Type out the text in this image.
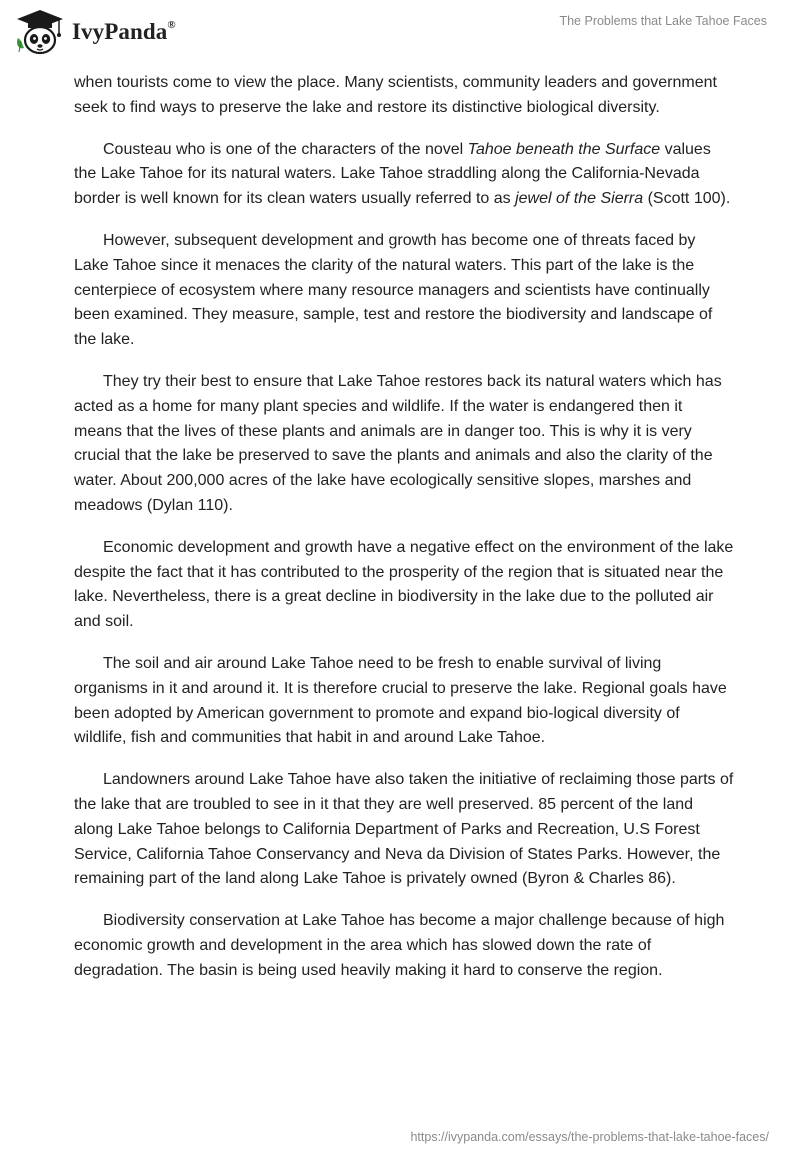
IvyPanda®	The Problems that Lake Tahoe Faces

when tourists come to view the place. Many scientists, community leaders and government seek to find ways to preserve the lake and restore its distinctive biological diversity.

Cousteau who is one of the characters of the novel Tahoe beneath the Surface values the Lake Tahoe for its natural waters. Lake Tahoe straddling along the California-Nevada border is well known for its clean waters usually referred to as jewel of the Sierra (Scott 100).

However, subsequent development and growth has become one of threats faced by Lake Tahoe since it menaces the clarity of the natural waters. This part of the lake is the centerpiece of ecosystem where many resource managers and scientists have continually been examined. They measure, sample, test and restore the biodiversity and landscape of the lake.

They try their best to ensure that Lake Tahoe restores back its natural waters which has acted as a home for many plant species and wildlife. If the water is endangered then it means that the lives of these plants and animals are in danger too. This is why it is very crucial that the lake be preserved to save the plants and animals and also the clarity of the water. About 200,000 acres of the lake have ecologically sensitive slopes, marshes and meadows (Dylan 110).

Economic development and growth have a negative effect on the environment of the lake despite the fact that it has contributed to the prosperity of the region that is situated near the lake. Nevertheless, there is a great decline in biodiversity in the lake due to the polluted air and soil.

The soil and air around Lake Tahoe need to be fresh to enable survival of living organisms in it and around it. It is therefore crucial to preserve the lake. Regional goals have been adopted by American government to promote and expand bio-logical diversity of wildlife, fish and communities that habit in and around Lake Tahoe.

Landowners around Lake Tahoe have also taken the initiative of reclaiming those parts of the lake that are troubled to see in it that they are well preserved. 85 percent of the land along Lake Tahoe belongs to California Department of Parks and Recreation, U.S Forest Service, California Tahoe Conservancy and Neva da Division of States Parks. However, the remaining part of the land along Lake Tahoe is privately owned (Byron & Charles 86).

Biodiversity conservation at Lake Tahoe has become a major challenge because of high economic growth and development in the area which has slowed down the rate of degradation. The basin is being used heavily making it hard to conserve the region.

https://ivypanda.com/essays/the-problems-that-lake-tahoe-faces/
